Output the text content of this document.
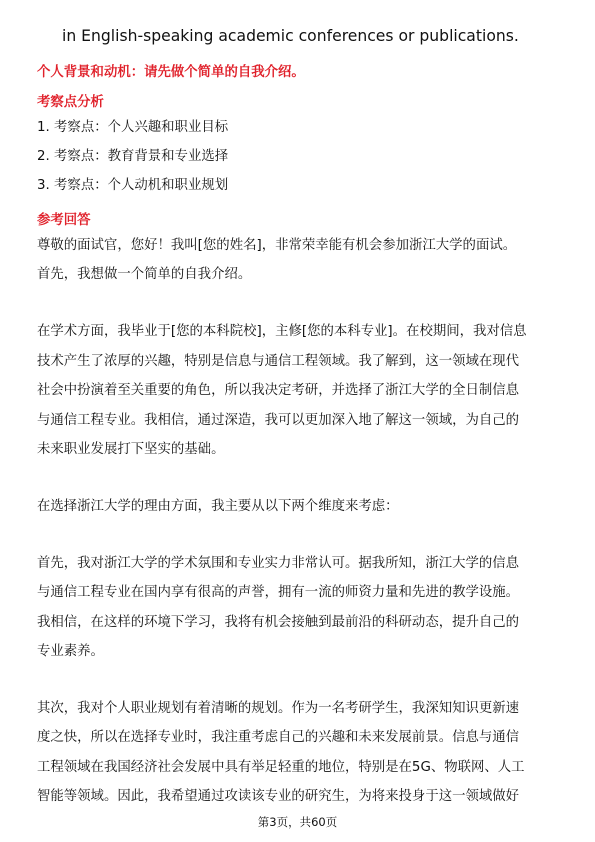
in English-speaking academic conferences or publications.
个人背景和动机：请先做个简单的自我介绍。
考察点分析
1. 考察点：个人兴趣和职业目标
2. 考察点：教育背景和专业选择
3. 考察点：个人动机和职业规划
参考回答
尊敬的面试官，您好！我叫[您的姓名]，非常荣幸能有机会参加浙江大学的面试。
首先，我想做一个简单的自我介绍。
在学术方面，我毕业于[您的本科院校]，主修[您的本科专业]。在校期间，我对信息
技术产生了浓厚的兴趣，特别是信息与通信工程领域。我了解到，这一领域在现代
社会中扮演着至关重要的角色，所以我决定考研，并选择了浙江大学的全日制信息
与通信工程专业。我相信，通过深造，我可以更加深入地了解这一领域，为自己的
未来职业发展打下坚实的基础。
在选择浙江大学的理由方面，我主要从以下两个维度来考虑：
首先，我对浙江大学的学术氛围和专业实力非常认可。据我所知，浙江大学的信息
与通信工程专业在国内享有很高的声誉，拥有一流的师资力量和先进的教学设施。
我相信，在这样的环境下学习，我将有机会接触到最前沿的科研动态，提升自己的
专业素养。
其次，我对个人职业规划有着清晰的规划。作为一名考研学生，我深知知识更新速
度之快，所以在选择专业时，我注重考虑自己的兴趣和未来发展前景。信息与通信
工程领域在我国经济社会发展中具有举足轻重的地位，特别是在5G、物联网、人工
智能等领域。因此，我希望通过攻读该专业的研究生，为将来投身于这一领域做好
第3页，共60页
